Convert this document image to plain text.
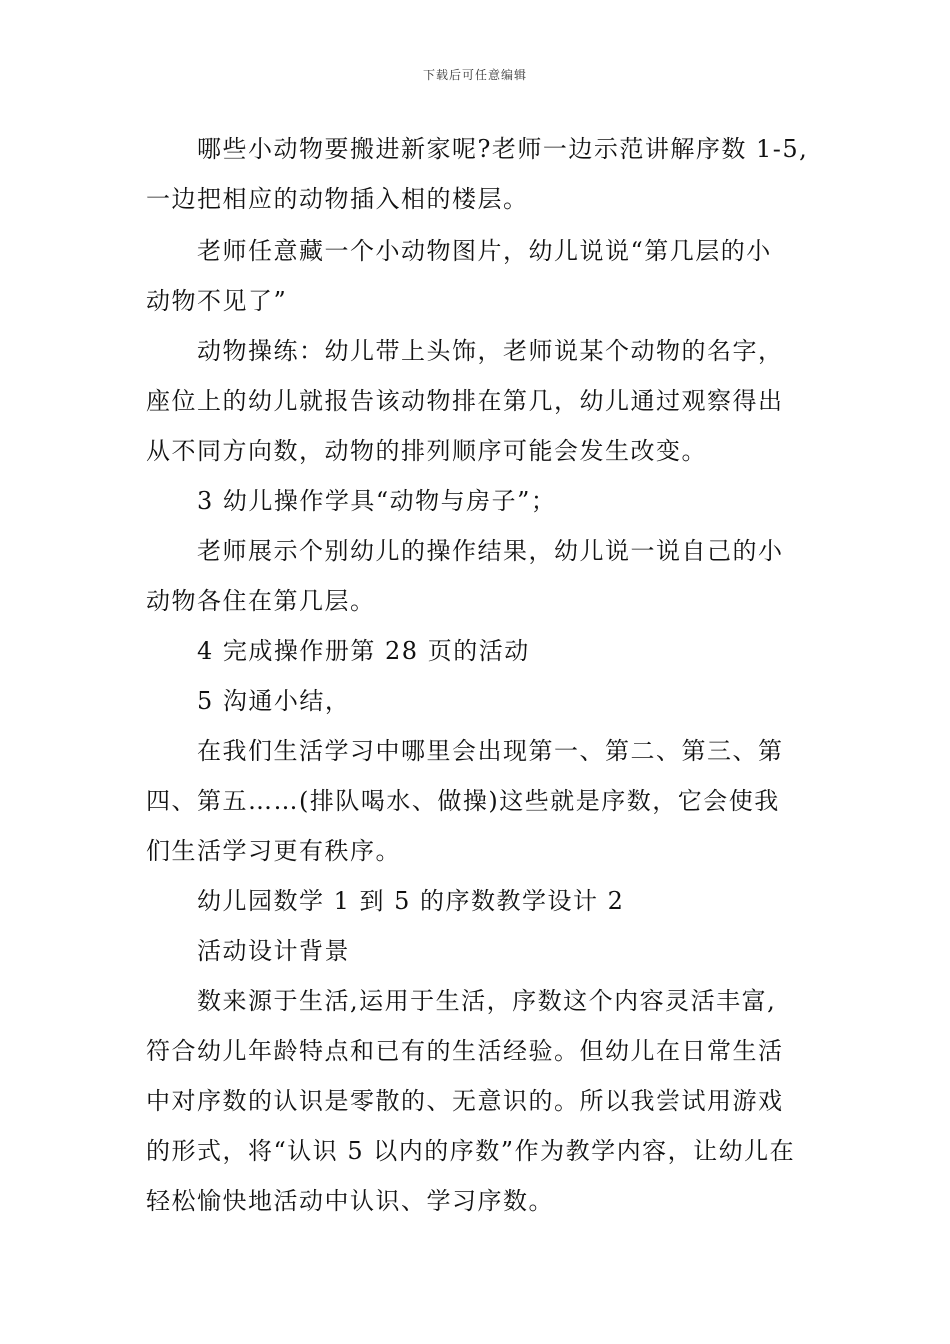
下载后可任意编辑
哪些小动物要搬进新家呢?老师一边示范讲解序数 1-5,
一边把相应的动物插入相的楼层。
老师任意藏一个小动物图片，幼儿说说“第几层的小
动物不见了”
动物操练：幼儿带上头饰，老师说某个动物的名字，
座位上的幼儿就报告该动物排在第几，幼儿通过观察得出
从不同方向数，动物的排列顺序可能会发生改变。
3 幼儿操作学具“动物与房子”；
老师展示个别幼儿的操作结果，幼儿说一说自己的小
动物各住在第几层。
4 完成操作册第 28 页的活动
5 沟通小结，
在我们生活学习中哪里会出现第一、第二、第三、第
四、第五……(排队喝水、做操)这些就是序数，它会使我
们生活学习更有秩序。
幼儿园数学 1 到 5 的序数教学设计 2
活动设计背景
数来源于生活,运用于生活，序数这个内容灵活丰富,
符合幼儿年龄特点和已有的生活经验。但幼儿在日常生活
中对序数的认识是零散的、无意识的。所以我尝试用游戏
的形式，将“认识 5 以内的序数”作为教学内容，让幼儿在
轻松愉快地活动中认识、学习序数。
